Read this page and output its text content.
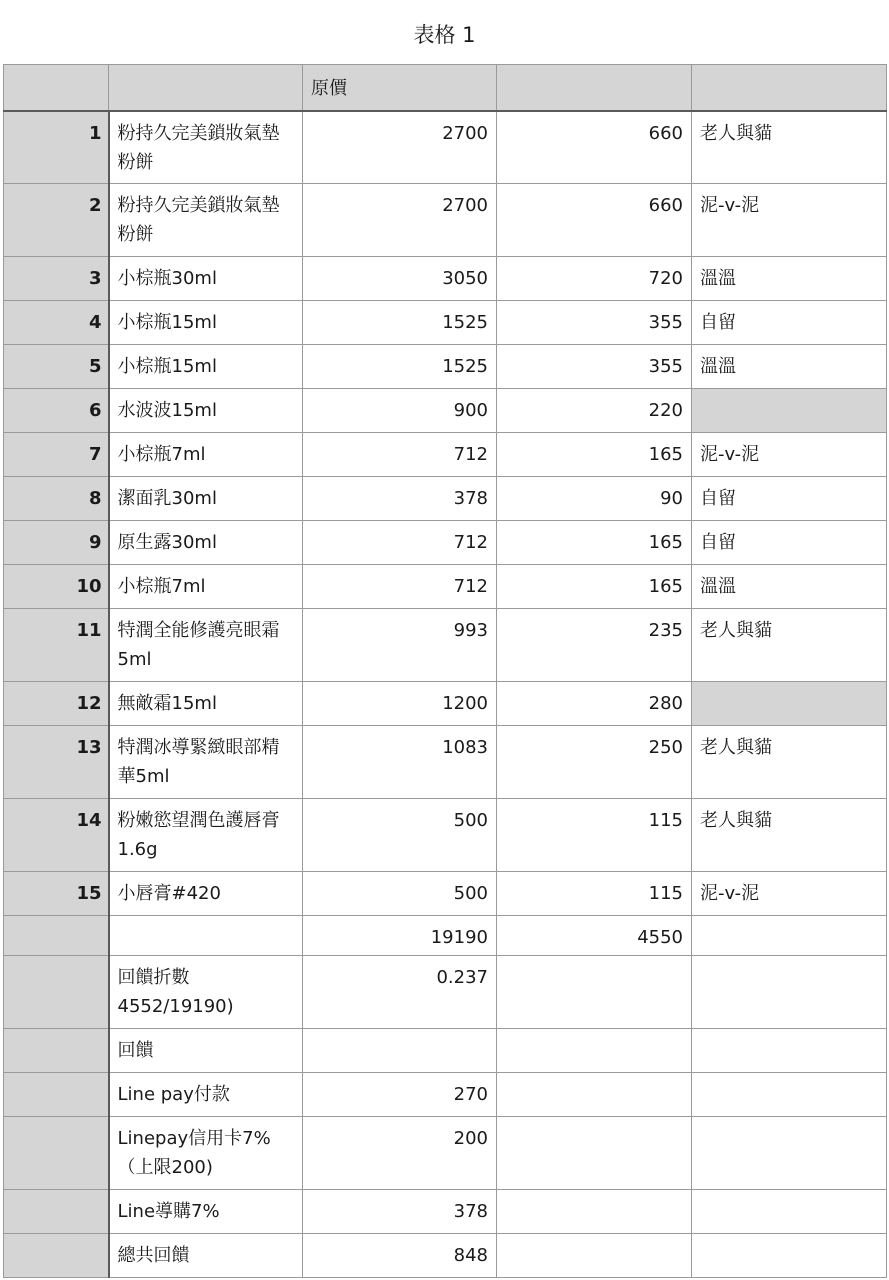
表格 1
		原價		
1	粉持久完美鎖妝氣墊粉餅	2700	660	老人與貓
2	粉持久完美鎖妝氣墊粉餅	2700	660	泥-v-泥
3	小棕瓶30ml	3050	720	溫溫
4	小棕瓶15ml	1525	355	自留
5	小棕瓶15ml	1525	355	溫溫
6	水波波15ml	900	220	
7	小棕瓶7ml	712	165	泥-v-泥
8	潔面乳30ml	378	90	自留
9	原生露30ml	712	165	自留
10	小棕瓶7ml	712	165	溫溫
11	特潤全能修護亮眼霜5ml	993	235	老人與貓
12	無敵霜15ml	1200	280	
13	特潤冰導緊緻眼部精華5ml	1083	250	老人與貓
14	粉嫩慾望潤色護唇膏1.6g	500	115	老人與貓
15	小唇膏#420	500	115	泥-v-泥
		19190	4550	
	回饋折數4552/19190)	0.237		
	回饋			
	Line pay付款	270		
	Linepay信用卡7%（上限200)	200		
	Line導購7%	378		
	總共回饋	848		
